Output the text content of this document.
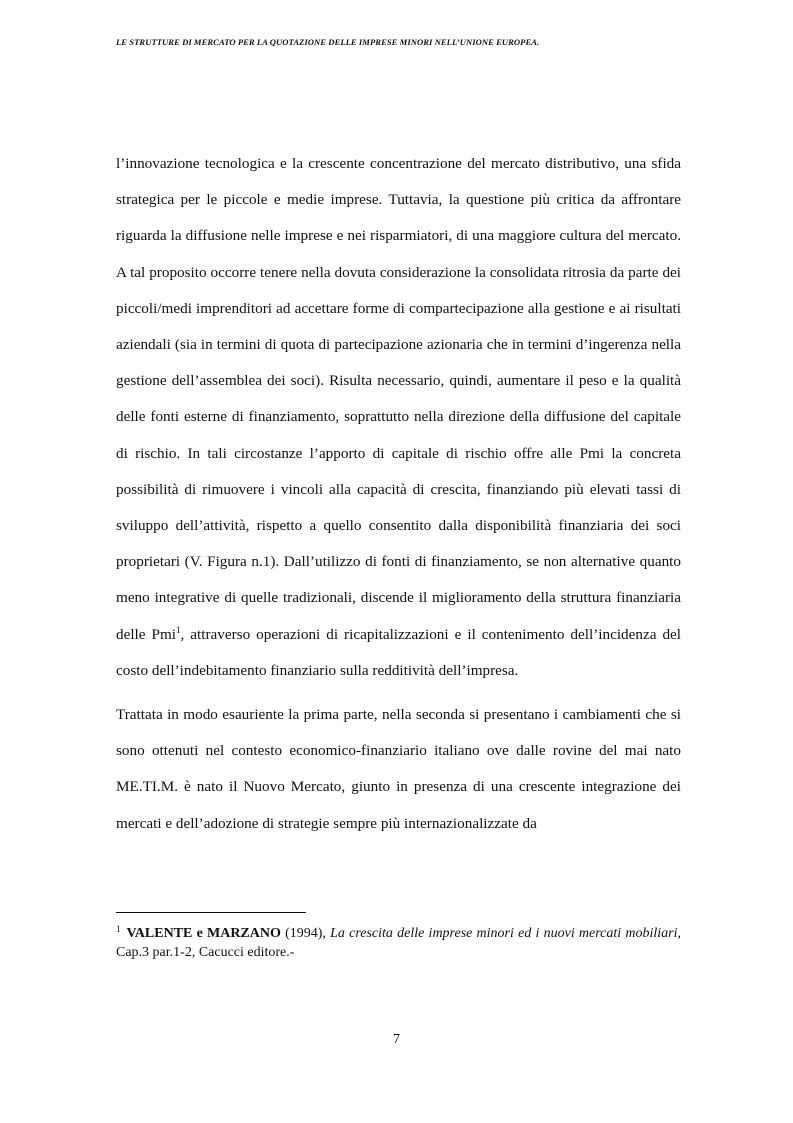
LE STRUTTURE DI MERCATO PER LA QUOTAZIONE DELLE IMPRESE MINORI NELL’UNIONE EUROPEA.

l’innovazione tecnologica e la crescente concentrazione del mercato distributivo, una sfida strategica per le piccole e medie imprese. Tuttavia, la questione più critica da affrontare riguarda la diffusione nelle imprese e nei risparmiatori, di una maggiore cultura del mercato. A tal proposito occorre tenere nella dovuta considerazione la consolidata ritrosia da parte dei piccoli/medi imprenditori ad accettare forme di compartecipazione alla gestione e ai risultati aziendali (sia in termini di quota di partecipazione azionaria che in termini d’ingerenza nella gestione dell’assemblea dei soci). Risulta necessario, quindi, aumentare il peso e la qualità delle fonti esterne di finanziamento, soprattutto nella direzione della diffusione del capitale di rischio. In tali circostanze l’apporto di capitale di rischio offre alle Pmi la concreta possibilità di rimuovere i vincoli alla capacità di crescita, finanziando più elevati tassi di sviluppo dell’attività, rispetto a quello consentito dalla disponibilità finanziaria dei soci proprietari (V. Figura n.1). Dall’utilizzo di fonti di finanziamento, se non alternative quanto meno integrative di quelle tradizionali, discende il miglioramento della struttura finanziaria delle Pmi$^1$, attraverso operazioni di ricapitalizzazioni e il contenimento dell’incidenza del costo dell’indebitamento finanziario sulla redditività dell’impresa.

Trattata in modo esauriente la prima parte, nella seconda si presentano i cambiamenti che si sono ottenuti nel contesto economico-finanziario italiano ove dalle rovine del mai nato ME.TI.M. è nato il Nuovo Mercato, giunto in presenza di una crescente integrazione dei mercati e dell’adozione di strategie sempre più internazionalizzate da

$^1$ VALENTE e MARZANO (1994), La crescita delle imprese minori ed i nuovi mercati mobiliari, Cap.3 par.1-2, Cacucci editore.-
7
